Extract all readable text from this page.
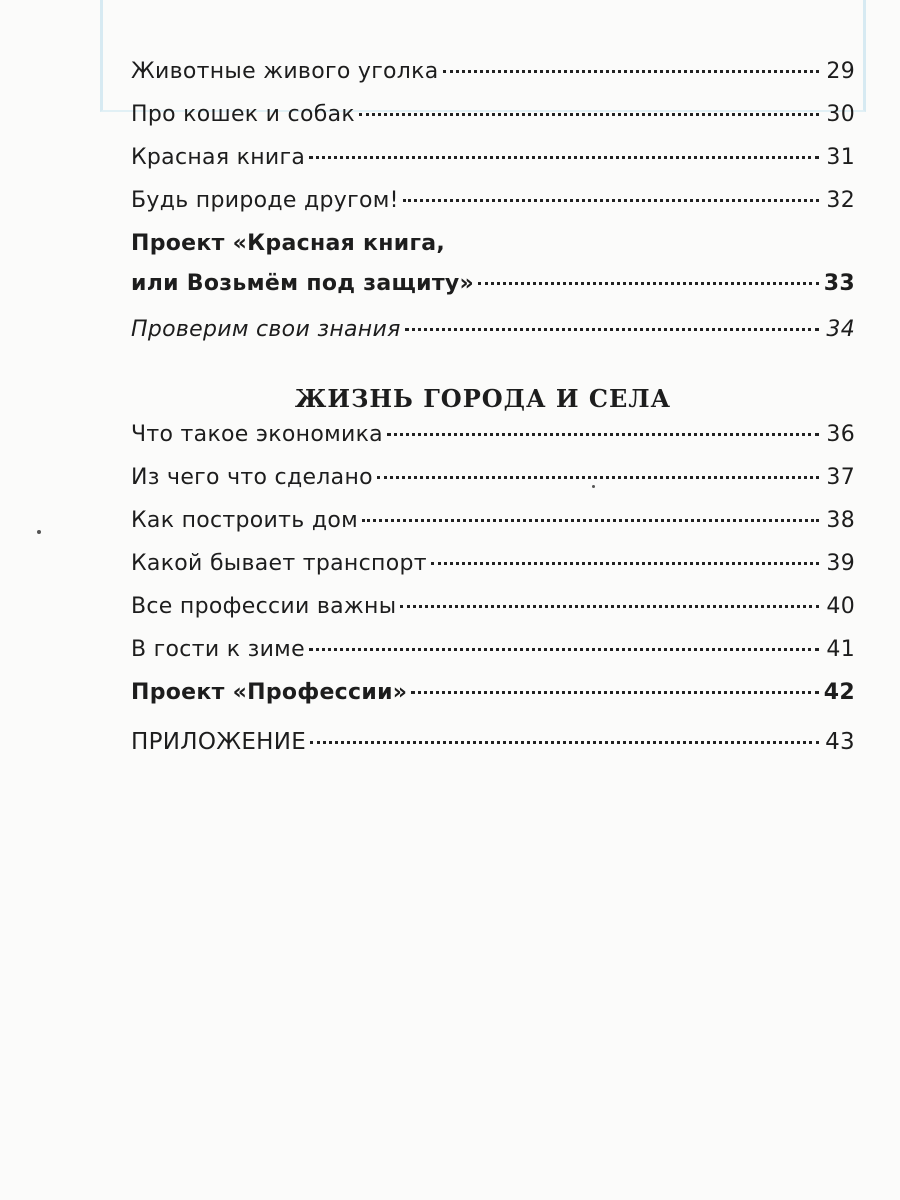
Животные живого уголка	29
Про кошек и собак	30
Красная книга	31
Будь природе другом!	32
Проект «Красная книга,
или Возьмём под защиту»	33
Проверим свои знания	34
ЖИЗНЬ ГОРОДА И СЕЛА
Что такое экономика	36
Из чего что сделано	37
Как построить дом	38
Какой бывает транспорт	39
Все профессии важны	40
В гости к зиме	41
Проект «Профессии»	42
ПРИЛОЖЕНИЕ	43
